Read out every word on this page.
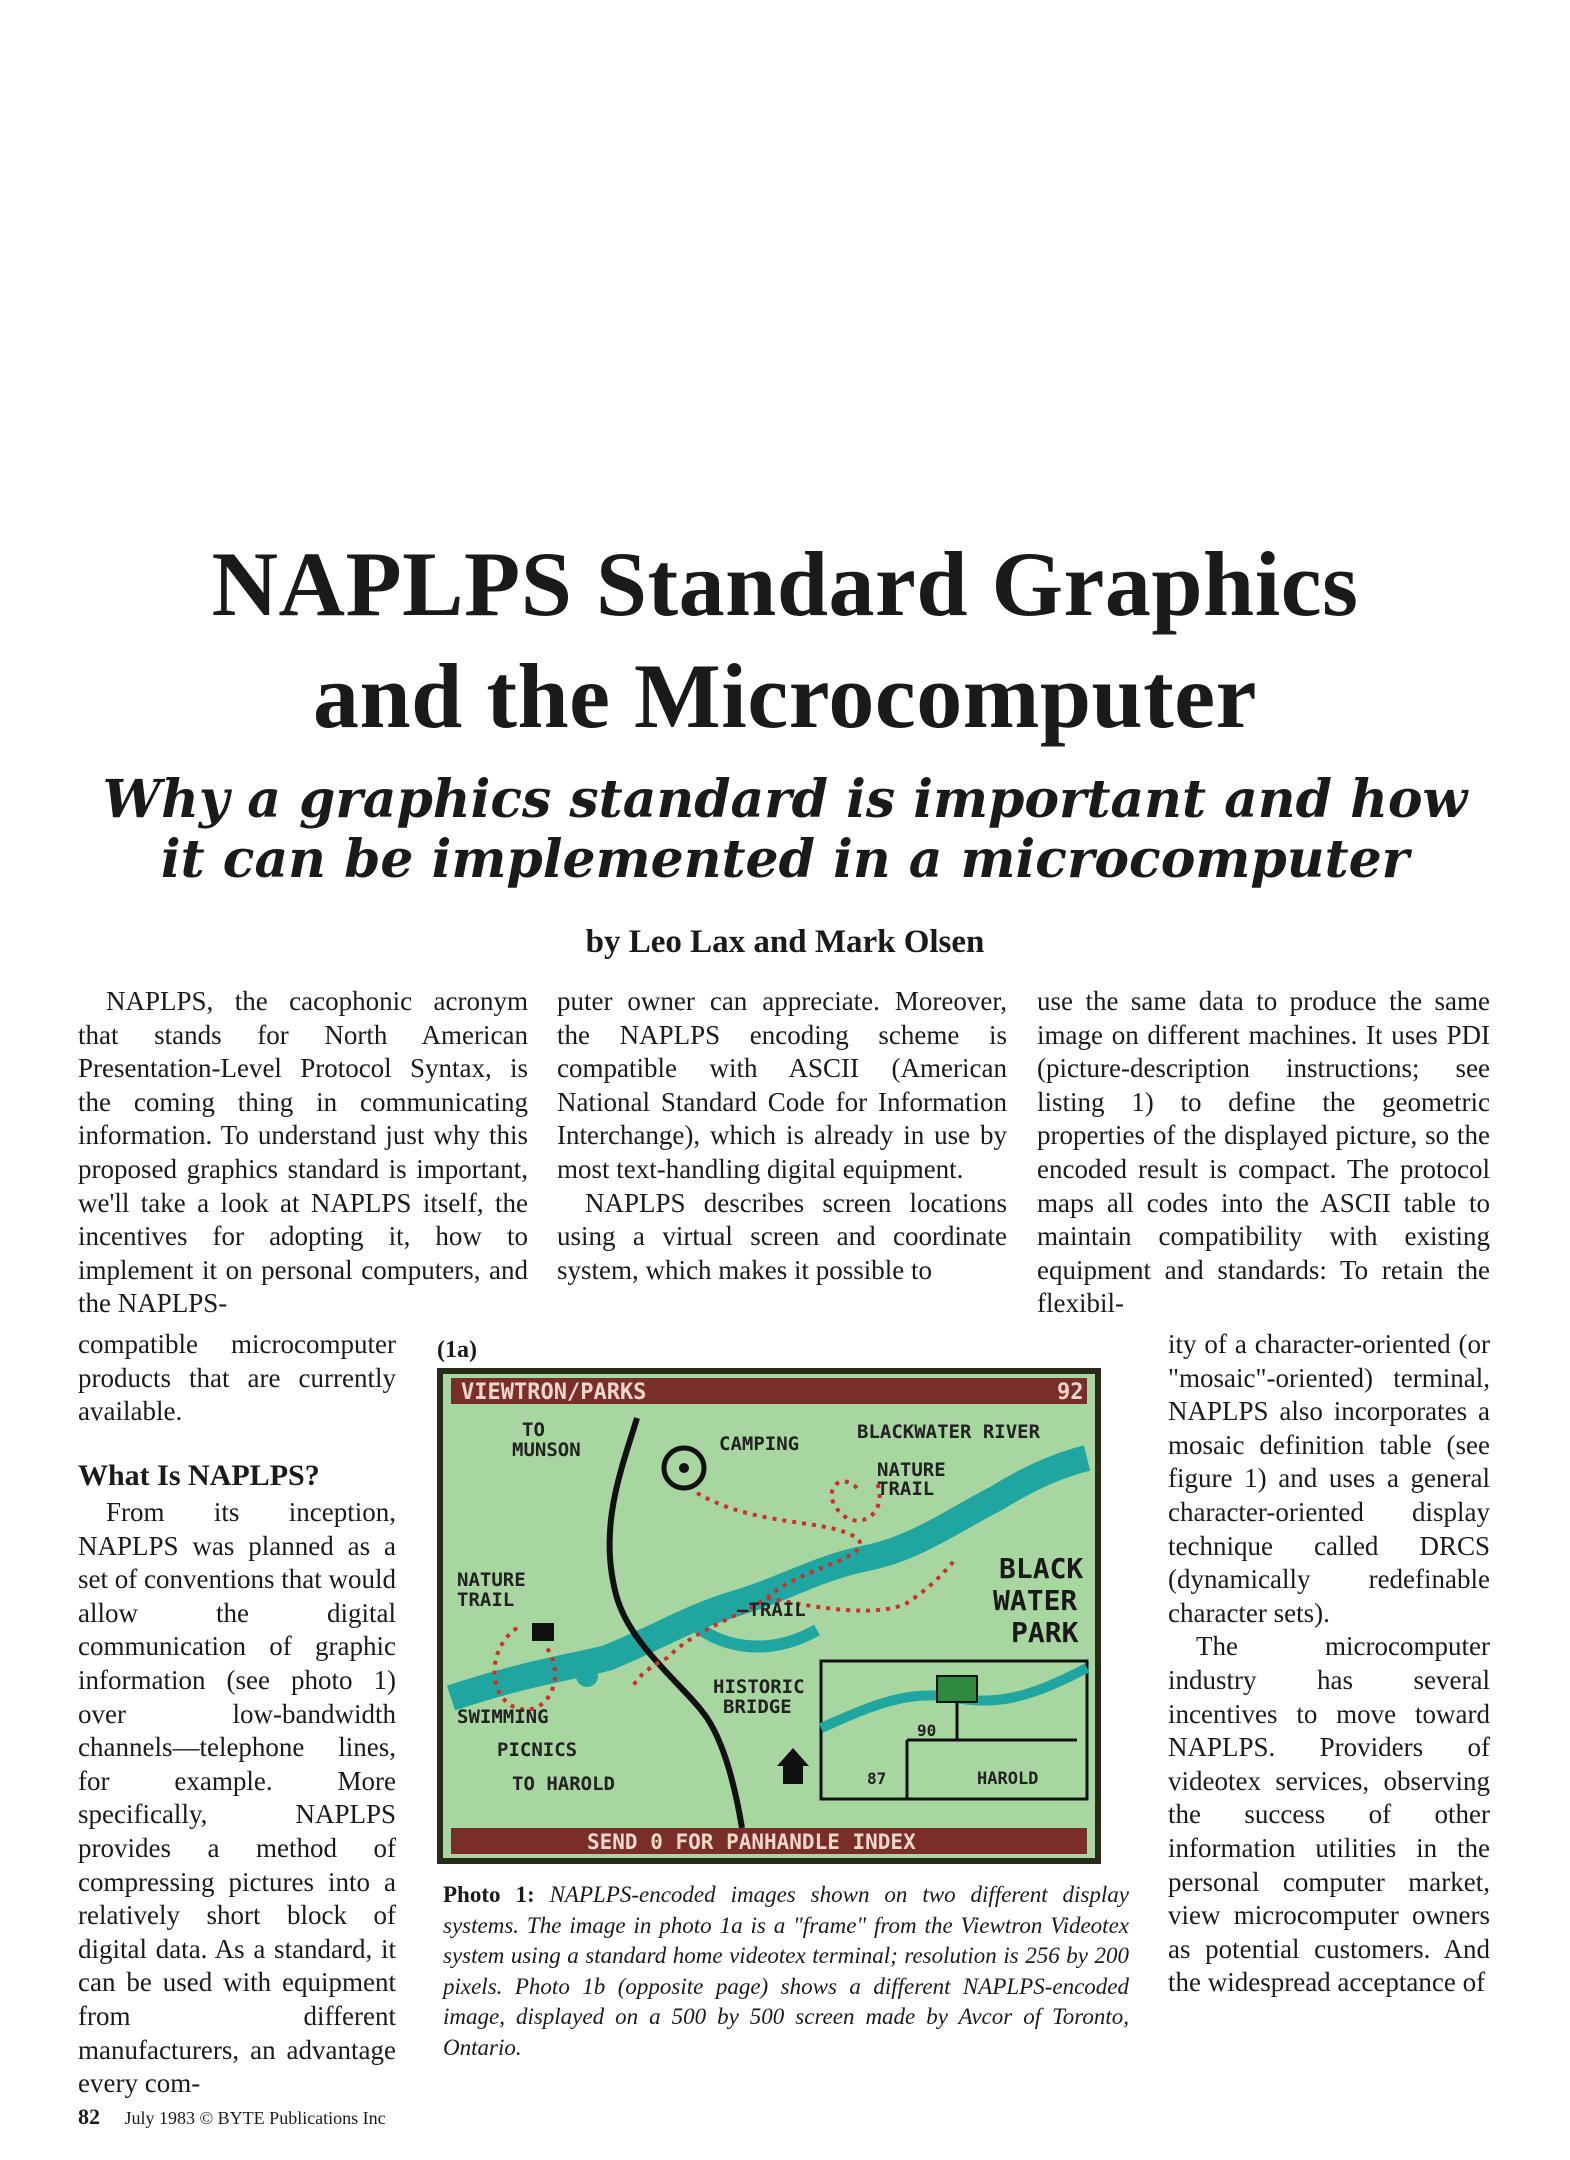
NAPLPS Standard Graphics
and the Microcomputer
Why a graphics standard is important and how
it can be implemented in a microcomputer
by Leo Lax and Mark Olsen

NAPLPS, the cacophonic acronym that stands for North American Presentation-Level Protocol Syntax, is the coming thing in communicating information. To understand just why this proposed graphics standard is important, we'll take a look at NAPLPS itself, the incentives for adopting it, how to implement it on personal computers, and the NAPLPS-

compatible microcomputer products that are currently available.

What Is NAPLPS?

From its inception, NAPLPS was planned as a set of conventions that would allow the digital communication of graphic information (see photo 1) over low-bandwidth channels—telephone lines, for example. More specifically, NAPLPS provides a method of compressing pictures into a relatively short block of digital data. As a standard, it can be used with equipment from different manufacturers, an advantage every com-

puter owner can appreciate. Moreover, the NAPLPS encoding scheme is compatible with ASCII (American National Standard Code for Information Interchange), which is already in use by most text-handling digital equipment.

NAPLPS describes screen locations using a virtual screen and coordinate system, which makes it possible to

use the same data to produce the same image on different machines. It uses PDI (picture-description instructions; see listing 1) to define the geometric properties of the displayed picture, so the encoded result is compact. The protocol maps all codes into the ASCII table to maintain compatibility with existing equipment and standards: To retain the flexibil-

ity of a character-oriented (or "mosaic"-oriented) terminal, NAPLPS also incorporates a mosaic definition table (see figure 1) and uses a general character-oriented display technique called DRCS (dynamically redefinable character sets).

The microcomputer industry has several incentives to move toward NAPLPS. Providers of videotex services, observing the success of other information utilities in the personal computer market, view microcomputer owners as potential customers. And the widespread acceptance of

(1a)
VIEWTRON/PARKS	92
TO
MUNSON	CAMPING
BLACKWATER RIVER
NATURE
TRAIL
NATURE
TRAIL
BLACK
WATER
PARK
—TRAIL
HISTORIC
BRIDGE
SWIMMING
PICNICS
TO HAROLD
90
87	HAROLD
SEND 0 FOR PANHANDLE INDEX
Photo 1: NAPLPS-encoded images shown on two different display systems. The image in photo 1a is a "frame" from the Viewtron Videotex system using a standard home videotex terminal; resolution is 256 by 200 pixels. Photo 1b (opposite page) shows a different NAPLPS-encoded image, displayed on a 500 by 500 screen made by Avcor of Toronto, Ontario.
82 July 1983 © BYTE Publications Inc
